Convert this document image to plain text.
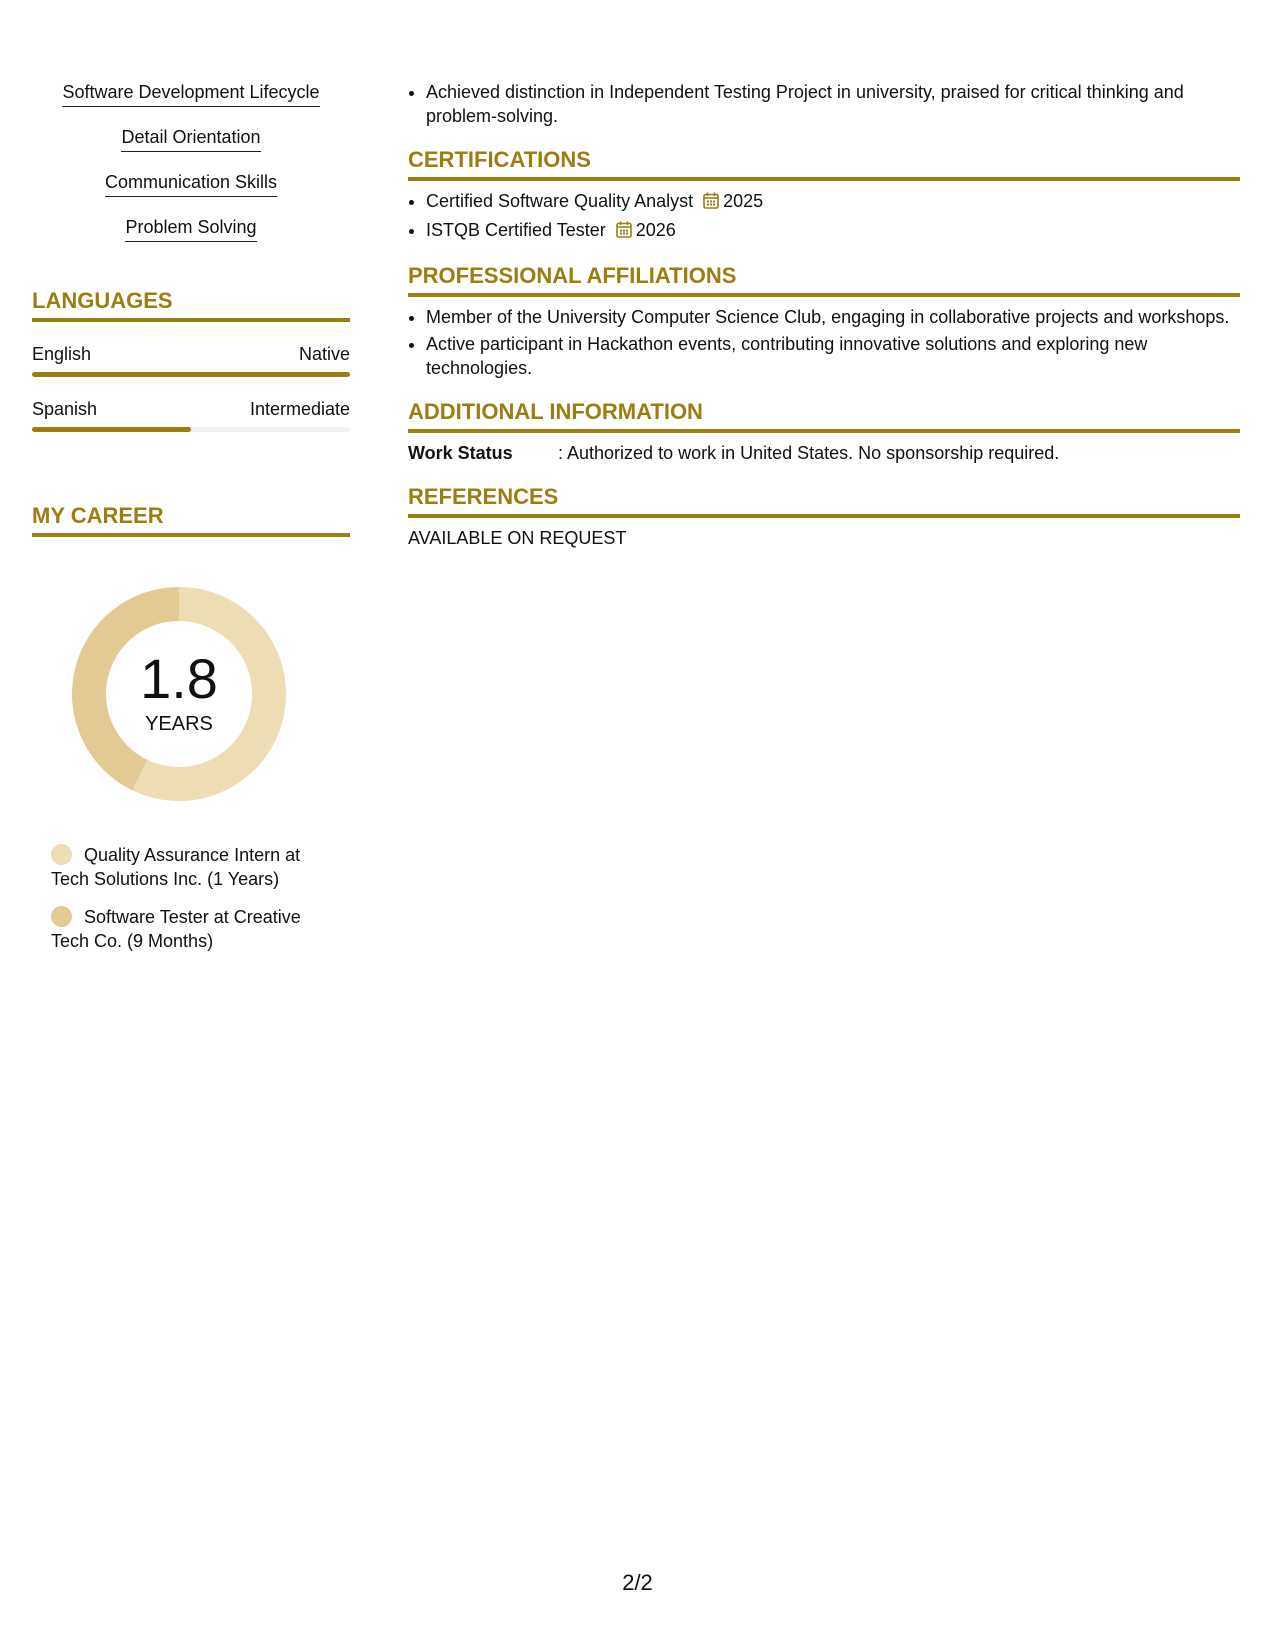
Software Development Lifecycle
Detail Orientation
Communication Skills
Problem Solving
LANGUAGES
English	Native
Spanish	Intermediate
MY CAREER
1.8
YEARS
Quality Assurance Intern at Tech Solutions Inc. (1 Years)
Software Tester at Creative Tech Co. (9 Months)
• Achieved distinction in Independent Testing Project in university, praised for critical thinking and problem-solving.
CERTIFICATIONS
• Certified Software Quality Analyst 2025
• ISTQB Certified Tester 2026
PROFESSIONAL AFFILIATIONS
• Member of the University Computer Science Club, engaging in collaborative projects and workshops.
• Active participant in Hackathon events, contributing innovative solutions and exploring new technologies.
ADDITIONAL INFORMATION
Work Status	: Authorized to work in United States. No sponsorship required.
REFERENCES

AVAILABLE ON REQUEST

2/2
